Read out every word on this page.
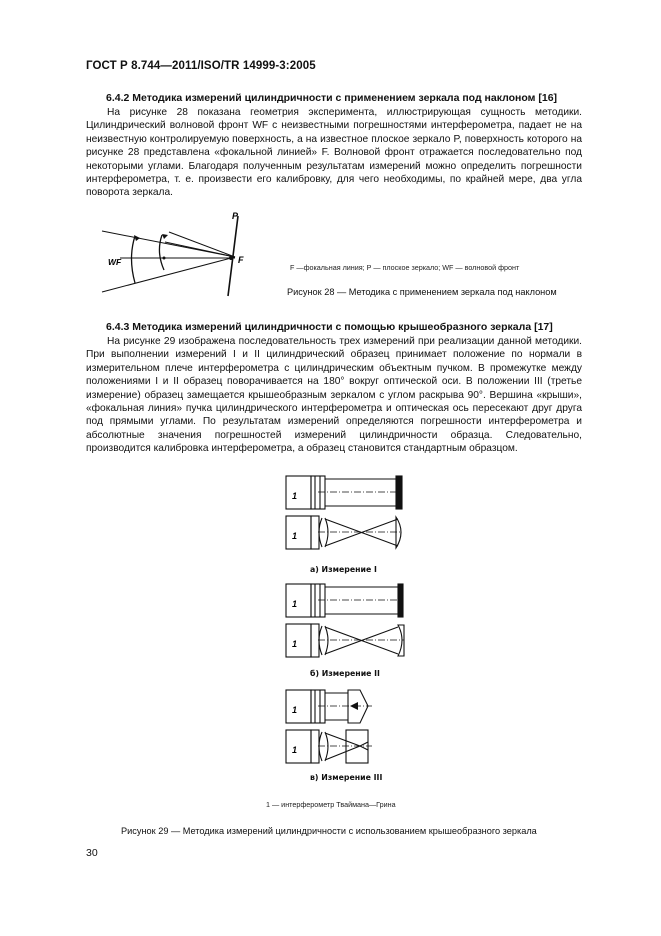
ГОСТ Р 8.744—2011/ISO/TR 14999-3:2005
6.4.2 Методика измерений цилиндричности с применением зеркала под наклоном [16]

На рисунке 28 показана геометрия эксперимента, иллюстрирующая сущность методики. Цилиндрический волновой фронт WF с неизвестными погрешностями интерферометра, падает не на неизвестную контролируемую поверхность, а на известное плоское зеркало P, поверхность которого на рисунке 28 представлена «фокальной линией» F. Волновой фронт отражается последовательно под некоторыми углами. Благодаря полученным результатам измерений можно определить погрешности интерферометра, т. е. произвести его калибровку, для чего необходимы, по крайней мере, два угла поворота зеркала.

P
F
WF
F —фокальная линия; P — плоское зеркало; WF — волновой фронт
Рисунок 28 — Методика с применением зеркала под наклоном
6.4.3 Методика измерений цилиндричности с помощью крышеобразного зеркала [17]

На рисунке 29 изображена последовательность трех измерений при реализации данной методики. При выполнении измерений I и II цилиндрический образец принимает положение по нормали в измерительном плече интерферометра с цилиндрическим объектным пучком. В промежутке между положениями I и II образец поворачивается на 180° вокруг оптической оси. В положении III (третье измерение) образец замещается крышеобразным зеркалом с углом раскрыва 90°. Вершина «крыши», «фокальная линия» пучка цилиндрического интерферометра и оптическая ось пересекают друг друга под прямыми углами. По результатам измерений определяются погрешности интерферометра и абсолютные значения погрешностей измерений цилиндричности образца. Следовательно, производится калибровка интерферометра, а образец становится стандартным образцом.

1
1
а) Измерение I
1
1
б) Измерение II
1
1
в) Измерение III
1 — интерферометр Тваймана—Грина
Рисунок 29 — Методика измерений цилиндричности с использованием крышеобразного зеркала
30
